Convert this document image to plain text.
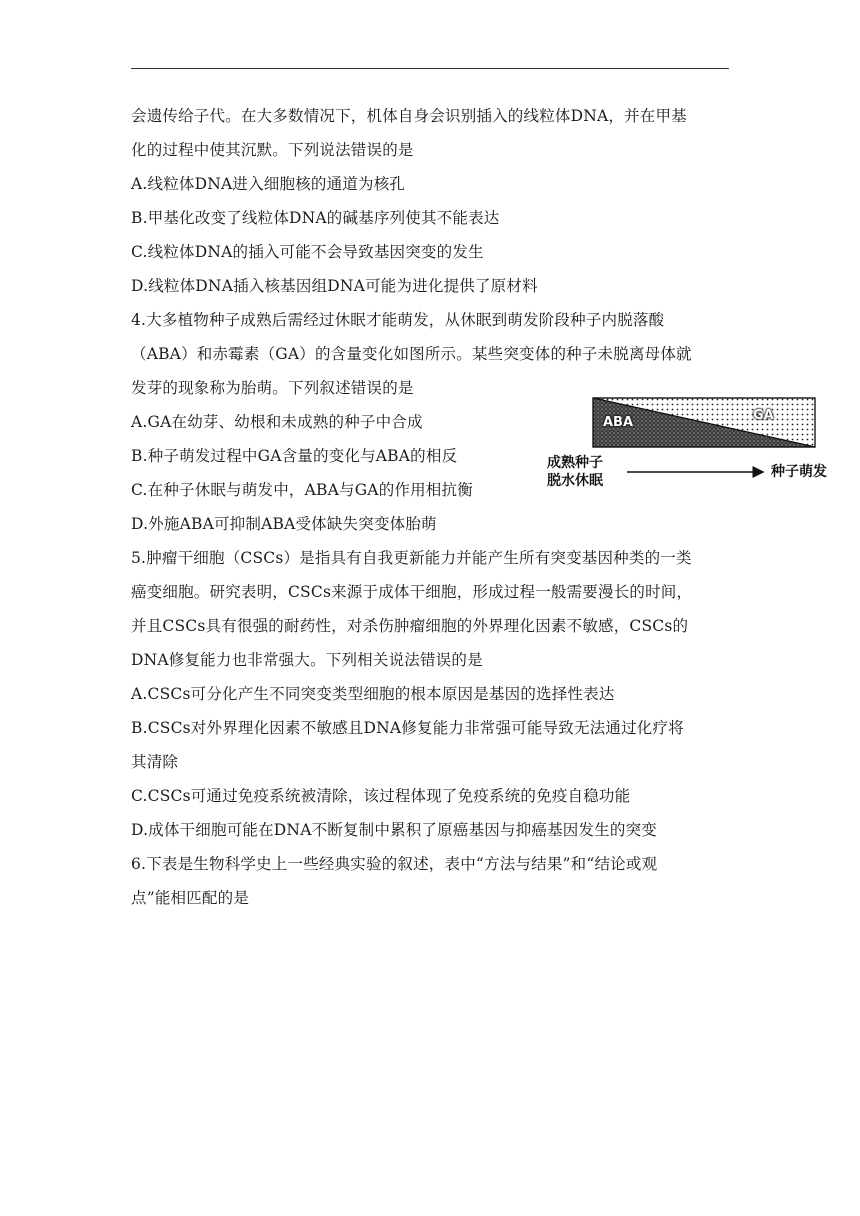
会遗传给子代。在大多数情况下，机体自身会识别插入的线粒体DNA，并在甲基
化的过程中使其沉默。下列说法错误的是
A.线粒体DNA进入细胞核的通道为核孔
B.甲基化改变了线粒体DNA的碱基序列使其不能表达
C.线粒体DNA的插入可能不会导致基因突变的发生
D.线粒体DNA插入核基因组DNA可能为进化提供了原材料
4.大多植物种子成熟后需经过休眠才能萌发，从休眠到萌发阶段种子内脱落酸
（ABA）和赤霉素（GA）的含量变化如图所示。某些突变体的种子未脱离母体就
发芽的现象称为胎萌。下列叙述错误的是
A.GA在幼芽、幼根和未成熟的种子中合成
B.种子萌发过程中GA含量的变化与ABA的相反
C.在种子休眠与萌发中，ABA与GA的作用相抗衡
D.外施ABA可抑制ABA受体缺失突变体胎萌
5.肿瘤干细胞（CSCs）是指具有自我更新能力并能产生所有突变基因种类的一类
癌变细胞。研究表明，CSCs来源于成体干细胞，形成过程一般需要漫长的时间，
并且CSCs具有很强的耐药性，对杀伤肿瘤细胞的外界理化因素不敏感，CSCs的
DNA修复能力也非常强大。下列相关说法错误的是
A.CSCs可分化产生不同突变类型细胞的根本原因是基因的选择性表达
B.CSCs对外界理化因素不敏感且DNA修复能力非常强可能导致无法通过化疗将
其清除
C.CSCs可通过免疫系统被清除，该过程体现了免疫系统的免疫自稳功能
D.成体干细胞可能在DNA不断复制中累积了原癌基因与抑癌基因发生的突变
6.下表是生物科学史上一些经典实验的叙述，表中“方法与结果”和“结论或观
点”能相匹配的是
ABA	GA
成熟种子
脱水休眠
种子萌发
